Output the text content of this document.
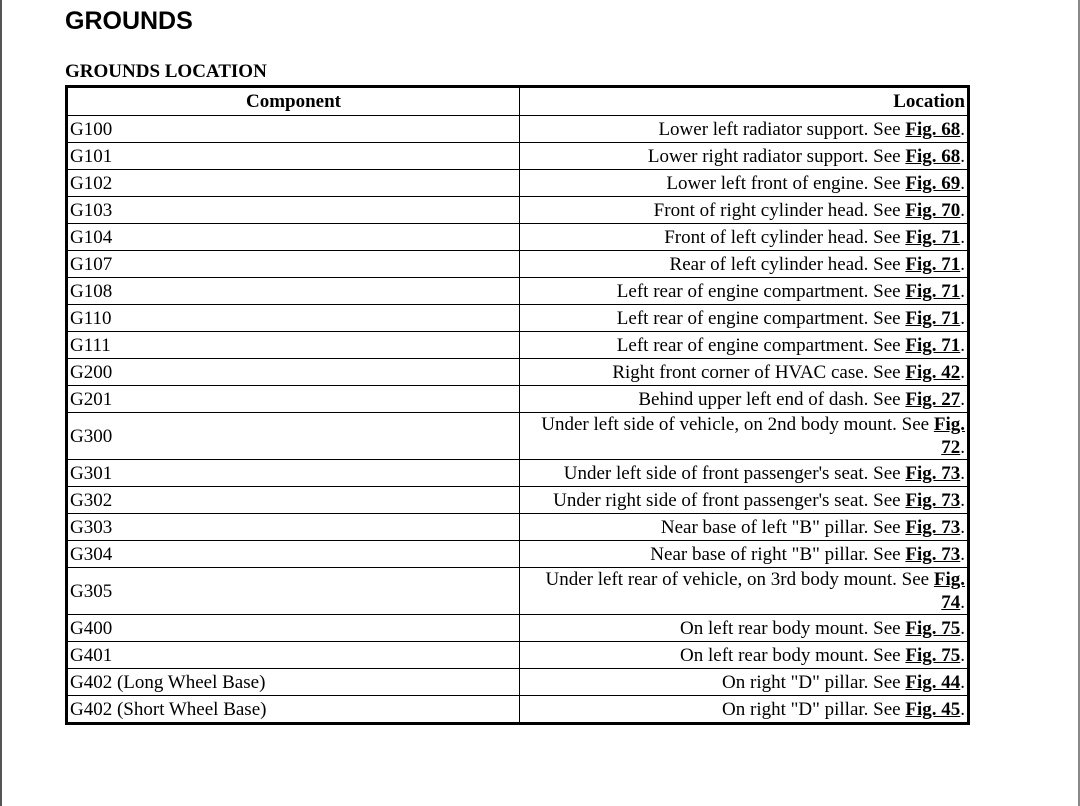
GROUNDS
GROUNDS LOCATION
Component	Location
G100	Lower left radiator support. See Fig. 68.
G101	Lower right radiator support. See Fig. 68.
G102	Lower left front of engine. See Fig. 69.
G103	Front of right cylinder head. See Fig. 70.
G104	Front of left cylinder head. See Fig. 71.
G107	Rear of left cylinder head. See Fig. 71.
G108	Left rear of engine compartment. See Fig. 71.
G110	Left rear of engine compartment. See Fig. 71.
G111	Left rear of engine compartment. See Fig. 71.
G200	Right front corner of HVAC case. See Fig. 42.
G201	Behind upper left end of dash. See Fig. 27.
G300	Under left side of vehicle, on 2nd body mount. See Fig. 72.
G301	Under left side of front passenger's seat. See Fig. 73.
G302	Under right side of front passenger's seat. See Fig. 73.
G303	Near base of left "B" pillar. See Fig. 73.
G304	Near base of right "B" pillar. See Fig. 73.
G305	Under left rear of vehicle, on 3rd body mount. See Fig. 74.
G400	On left rear body mount. See Fig. 75.
G401	On left rear body mount. See Fig. 75.
G402 (Long Wheel Base)	On right "D" pillar. See Fig. 44.
G402 (Short Wheel Base)	On right "D" pillar. See Fig. 45.
